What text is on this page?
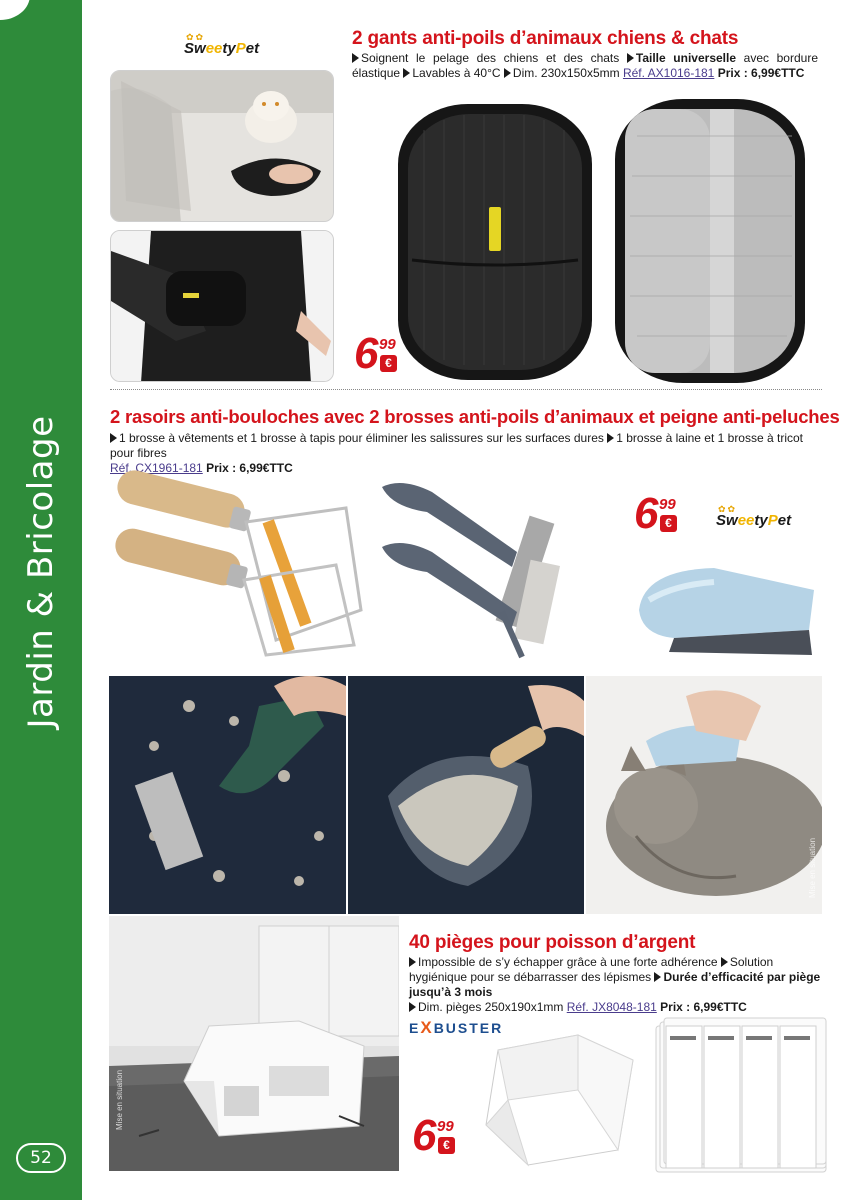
Jardin & Bricolage
52
2 gants anti-poils d’animaux chiens & chats
Soignent le pelage des chiens et des chats Taille universelle avec bordure élastique Lavables à 40°C Dim. 230x150x5mm Réf. AX1016-181 Prix : 6,99€TTC
✿✿
SweetyPet
6 99
€
2 rasoirs anti-bouloches avec 2 brosses anti-poils d’animaux et peigne anti-peluches
1 brosse à vêtements et 1 brosse à tapis pour éliminer les salissures sur les surfaces dures 1 brosse à laine et 1 brosse à tricot pour fibres
Réf. CX1961-181 Prix : 6,99€TTC
6 99
€
✿✿
SweetyPet
Mise en situation
Mise en situation
40 pièges pour poisson d’argent
Impossible de s’y échapper grâce à une forte adhérence Solution hygiénique pour se débarrasser des lépismes Durée d’efficacité par piège jusqu’à 3 mois
Dim. pièges 250x190x1mm Réf. JX8048-181 Prix : 6,99€TTC
EXBUSTER
6 99
€
